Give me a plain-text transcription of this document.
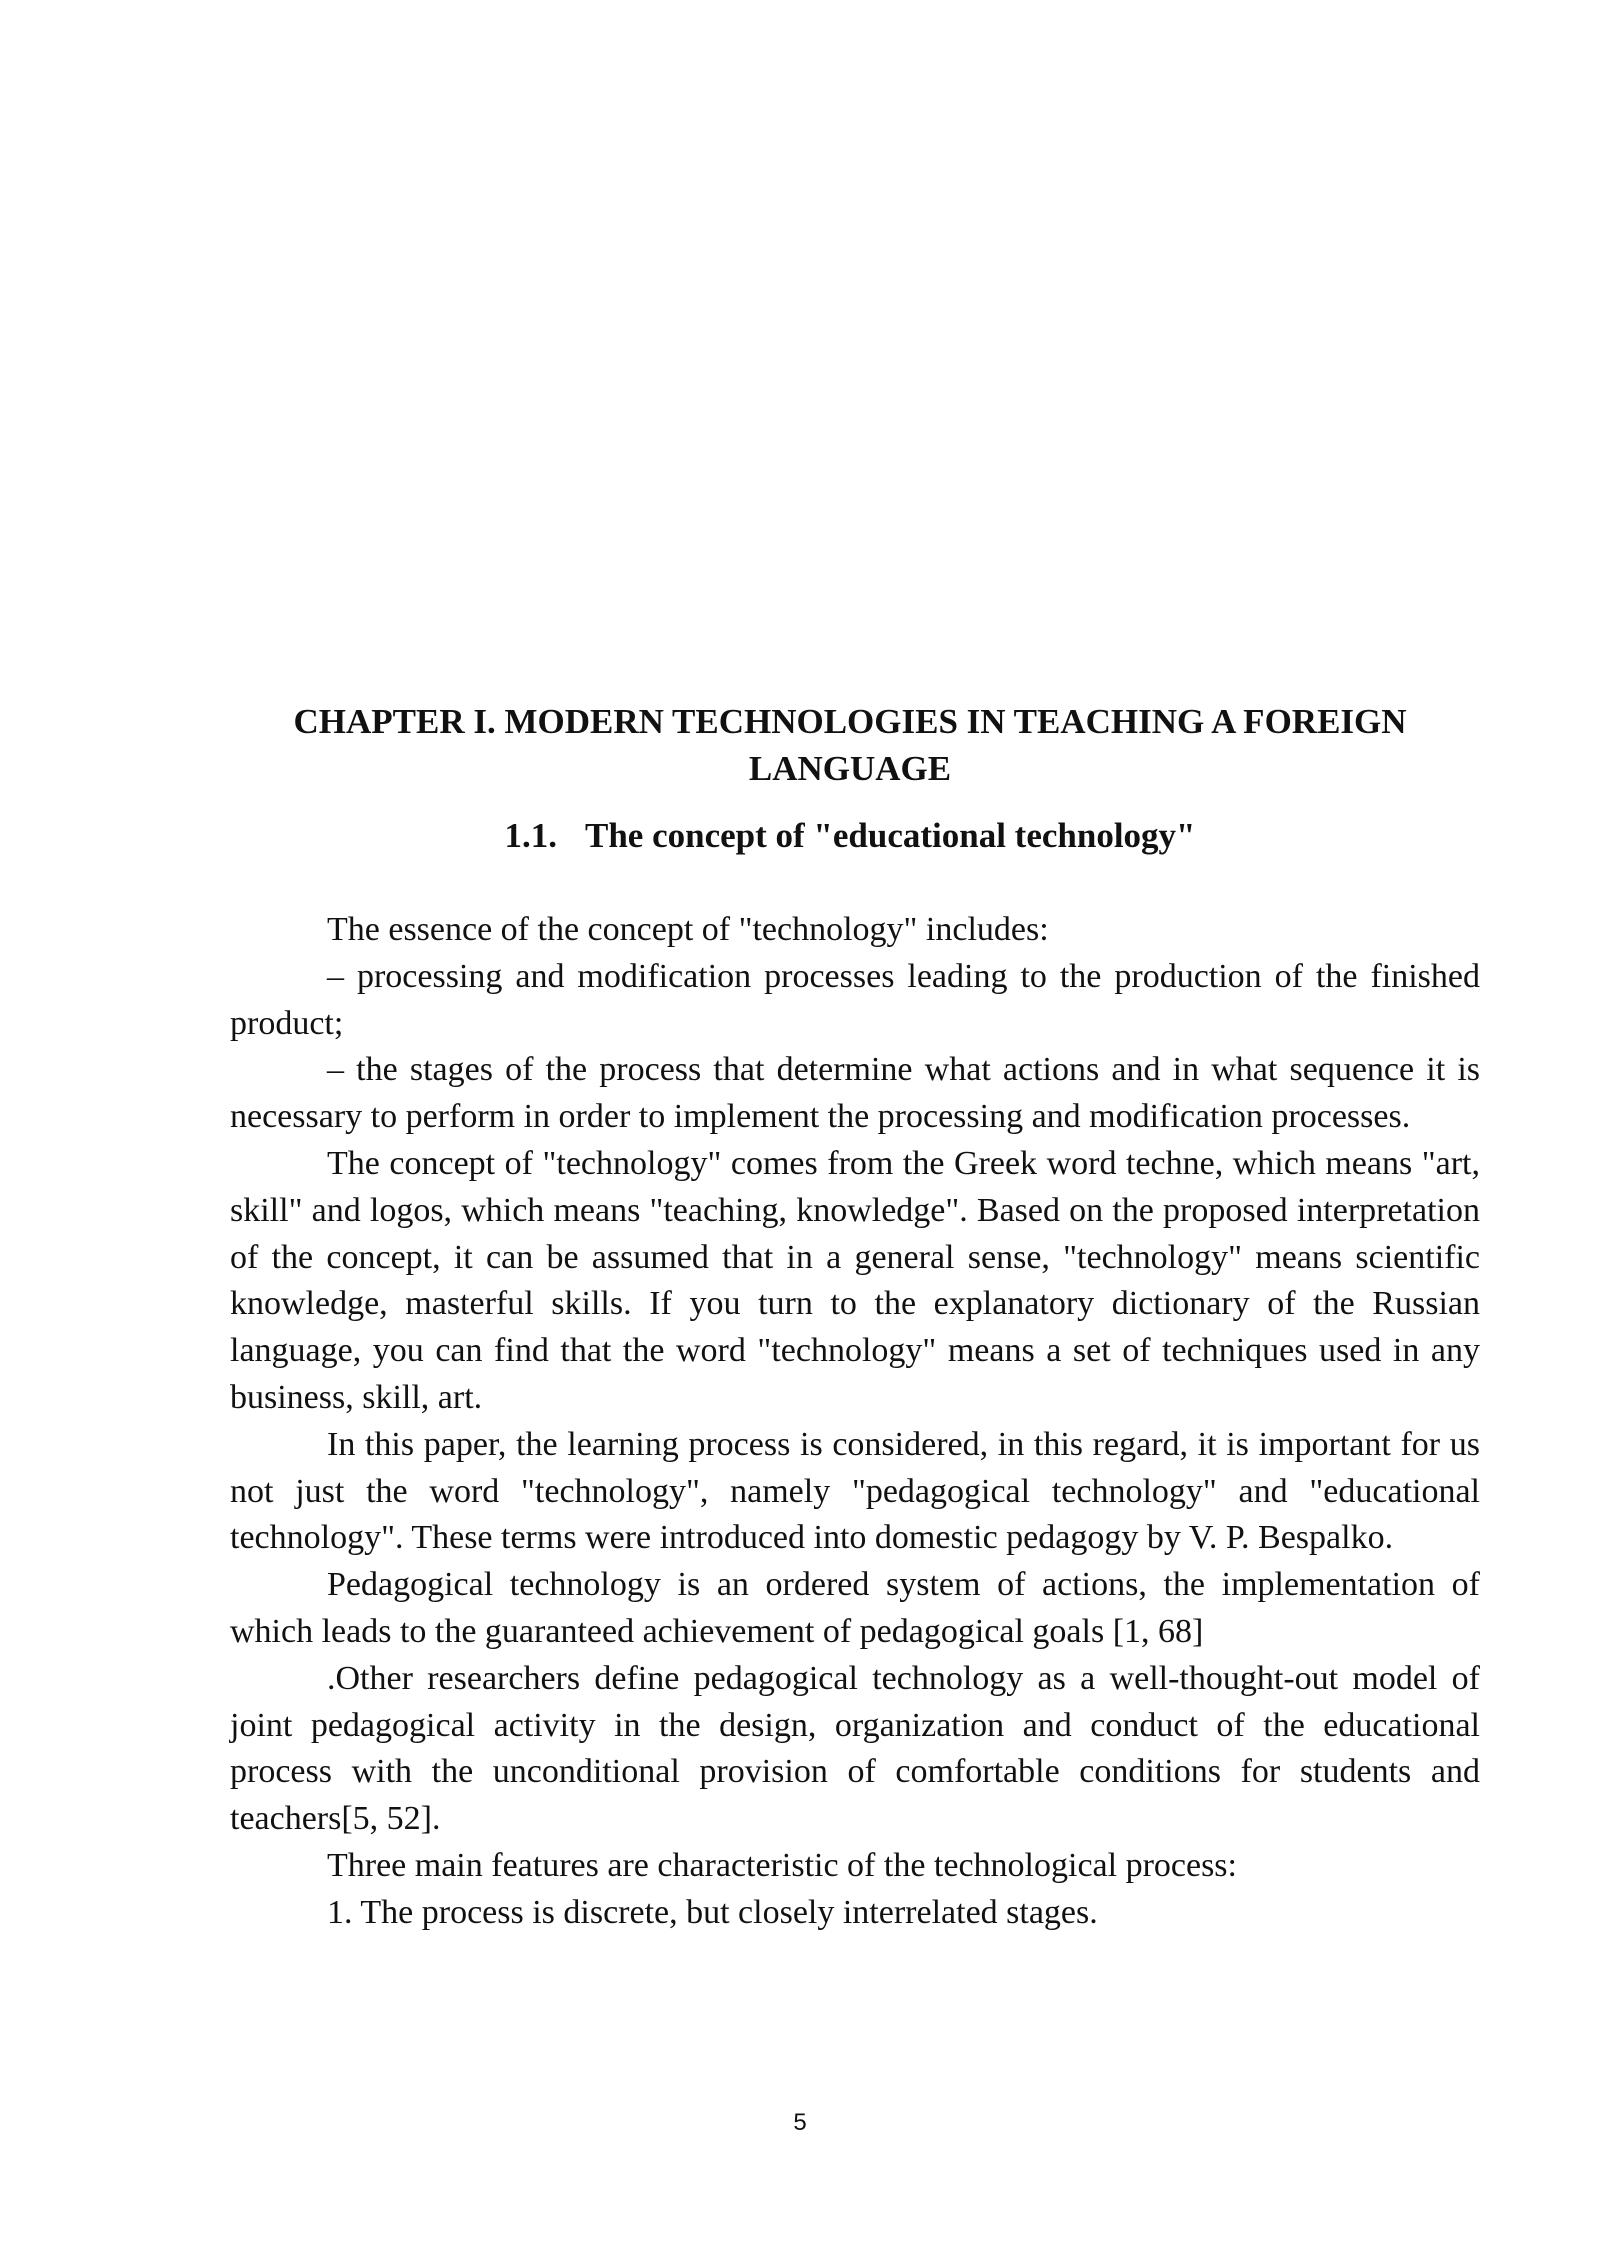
CHAPTER I. MODERN TECHNOLOGIES IN TEACHING A FOREIGN
LANGUAGE
1.1. The concept of "educational technology"

The essence of the concept of "technology" includes:

– processing and modification processes leading to the production of the finished product;

– the stages of the process that determine what actions and in what sequence it is necessary to perform in order to implement the processing and modification processes.

The concept of "technology" comes from the Greek word techne, which means "art, skill" and logos, which means "teaching, knowledge". Based on the proposed interpretation of the concept, it can be assumed that in a general sense, "technology" means scientific knowledge, masterful skills. If you turn to the explanatory dictionary of the Russian language, you can find that the word "technology" means a set of techniques used in any business, skill, art.

In this paper, the learning process is considered, in this regard, it is important for us not just the word "technology", namely "pedagogical technology" and "educational technology". These terms were introduced into domestic pedagogy by V. P. Bespalko.

Pedagogical technology is an ordered system of actions, the implementation of which leads to the guaranteed achievement of pedagogical goals [1, 68]

.Other researchers define pedagogical technology as a well-thought-out model of joint pedagogical activity in the design, organization and conduct of the educational process with the unconditional provision of comfortable conditions for students and teachers[5, 52].

Three main features are characteristic of the technological process:

1. The process is discrete, but closely interrelated stages.

5
